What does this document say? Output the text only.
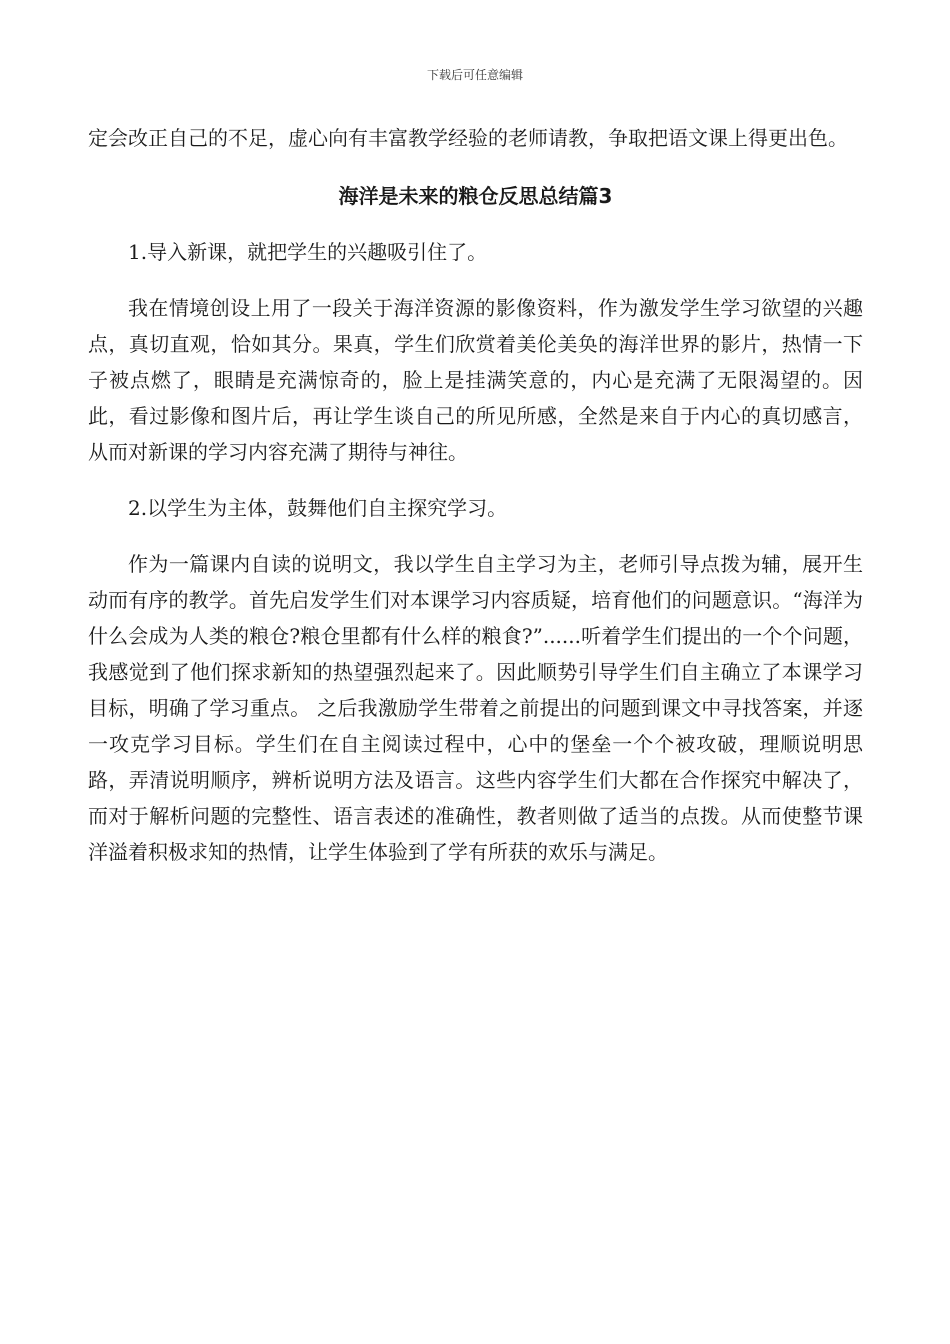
下载后可任意编辑

定会改正自己的不足，虚心向有丰富教学经验的老师请教，争取把语文课上得更出色。

海洋是未来的粮仓反思总结篇3

1.导入新课，就把学生的兴趣吸引住了。

我在情境创设上用了一段关于海洋资源的影像资料，作为激发学生学习欲望的兴趣点，真切直观，恰如其分。果真，学生们欣赏着美伦美奂的海洋世界的影片，热情一下子被点燃了，眼睛是充满惊奇的，脸上是挂满笑意的，内心是充满了无限渴望的。因此，看过影像和图片后，再让学生谈自己的所见所感，全然是来自于内心的真切感言，从而对新课的学习内容充满了期待与神往。

2.以学生为主体，鼓舞他们自主探究学习。

作为一篇课内自读的说明文，我以学生自主学习为主，老师引导点拨为辅，展开生动而有序的教学。首先启发学生们对本课学习内容质疑，培育他们的问题意识。“海洋为什么会成为人类的粮仓?粮仓里都有什么样的粮食?”......听着学生们提出的一个个问题，我感觉到了他们探求新知的热望强烈起来了。因此顺势引导学生们自主确立了本课学习目标，明确了学习重点。 之后我激励学生带着之前提出的问题到课文中寻找答案，并逐一攻克学习目标。学生们在自主阅读过程中，心中的堡垒一个个被攻破，理顺说明思路，弄清说明顺序，辨析说明方法及语言。这些内容学生们大都在合作探究中解决了，而对于解析问题的完整性、语言表述的准确性，教者则做了适当的点拨。从而使整节课洋溢着积极求知的热情，让学生体验到了学有所获的欢乐与满足。
